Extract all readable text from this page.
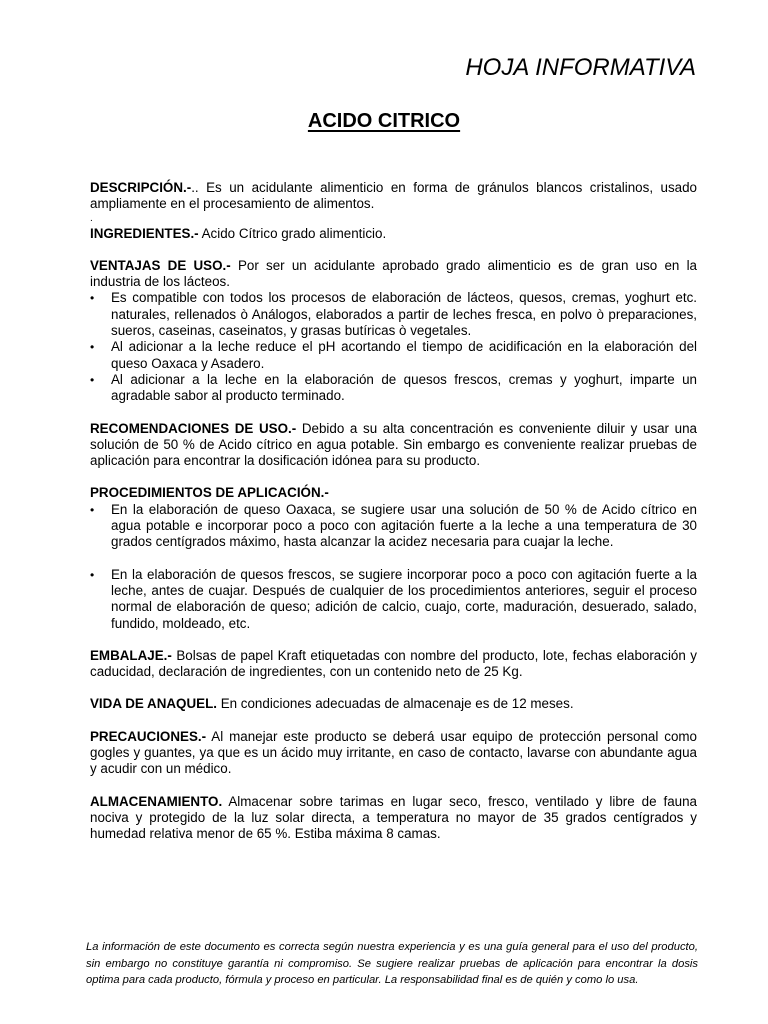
HOJA INFORMATIVA
ACIDO CITRICO

DESCRIPCIÓN.-.. Es un acidulante alimenticio en forma de gránulos blancos cristalinos, usado ampliamente en el procesamiento de alimentos.

.

INGREDIENTES.- Acido Cítrico grado alimenticio.

VENTAJAS DE USO.- Por ser un acidulante aprobado grado alimenticio es de gran uso en la industria de los lácteos.

• Es compatible con todos los procesos de elaboración de lácteos, quesos, cremas, yoghurt etc. naturales, rellenados ò Análogos, elaborados a partir de leches fresca, en polvo ò preparaciones, sueros, caseinas, caseinatos, y grasas butíricas ò vegetales.
• Al adicionar a la leche reduce el pH acortando el tiempo de acidificación en la elaboración del queso Oaxaca y Asadero.
• Al adicionar a la leche en la elaboración de quesos frescos, cremas y yoghurt, imparte un agradable sabor al producto terminado.

RECOMENDACIONES DE USO.- Debido a su alta concentración es conveniente diluir y usar una solución de 50 % de Acido cítrico en agua potable. Sin embargo es conveniente realizar pruebas de aplicación para encontrar la dosificación idónea para su producto.

PROCEDIMIENTOS DE APLICACIÓN.-

• En la elaboración de queso Oaxaca, se sugiere usar una solución de 50 % de Acido cítrico en agua potable e incorporar poco a poco con agitación fuerte a la leche a una temperatura de 30 grados centígrados máximo, hasta alcanzar la acidez necesaria para cuajar la leche.
• En la elaboración de quesos frescos, se sugiere incorporar poco a poco con agitación fuerte a la leche, antes de cuajar. Después de cualquier de los procedimientos anteriores, seguir el proceso normal de elaboración de queso; adición de calcio, cuajo, corte, maduración, desuerado, salado, fundido, moldeado, etc.

EMBALAJE.- Bolsas de papel Kraft etiquetadas con nombre del producto, lote, fechas elaboración y caducidad, declaración de ingredientes, con un contenido neto de 25 Kg.

VIDA DE ANAQUEL. En condiciones adecuadas de almacenaje es de 12 meses.

PRECAUCIONES.- Al manejar este producto se deberá usar equipo de protección personal como gogles y guantes, ya que es un ácido muy irritante, en caso de contacto, lavarse con abundante agua y acudir con un médico.

ALMACENAMIENTO. Almacenar sobre tarimas en lugar seco, fresco, ventilado y libre de fauna nociva y protegido de la luz solar directa, a temperatura no mayor de 35 grados centígrados y humedad relativa menor de 65 %. Estiba máxima 8 camas.

La información de este documento es correcta según nuestra experiencia y es una guía general para el uso del producto, sin embargo no constituye garantía ni compromiso. Se sugiere realizar pruebas de aplicación para encontrar la dosis optima para cada producto, fórmula y proceso en particular. La responsabilidad final es de quién y como lo usa.
